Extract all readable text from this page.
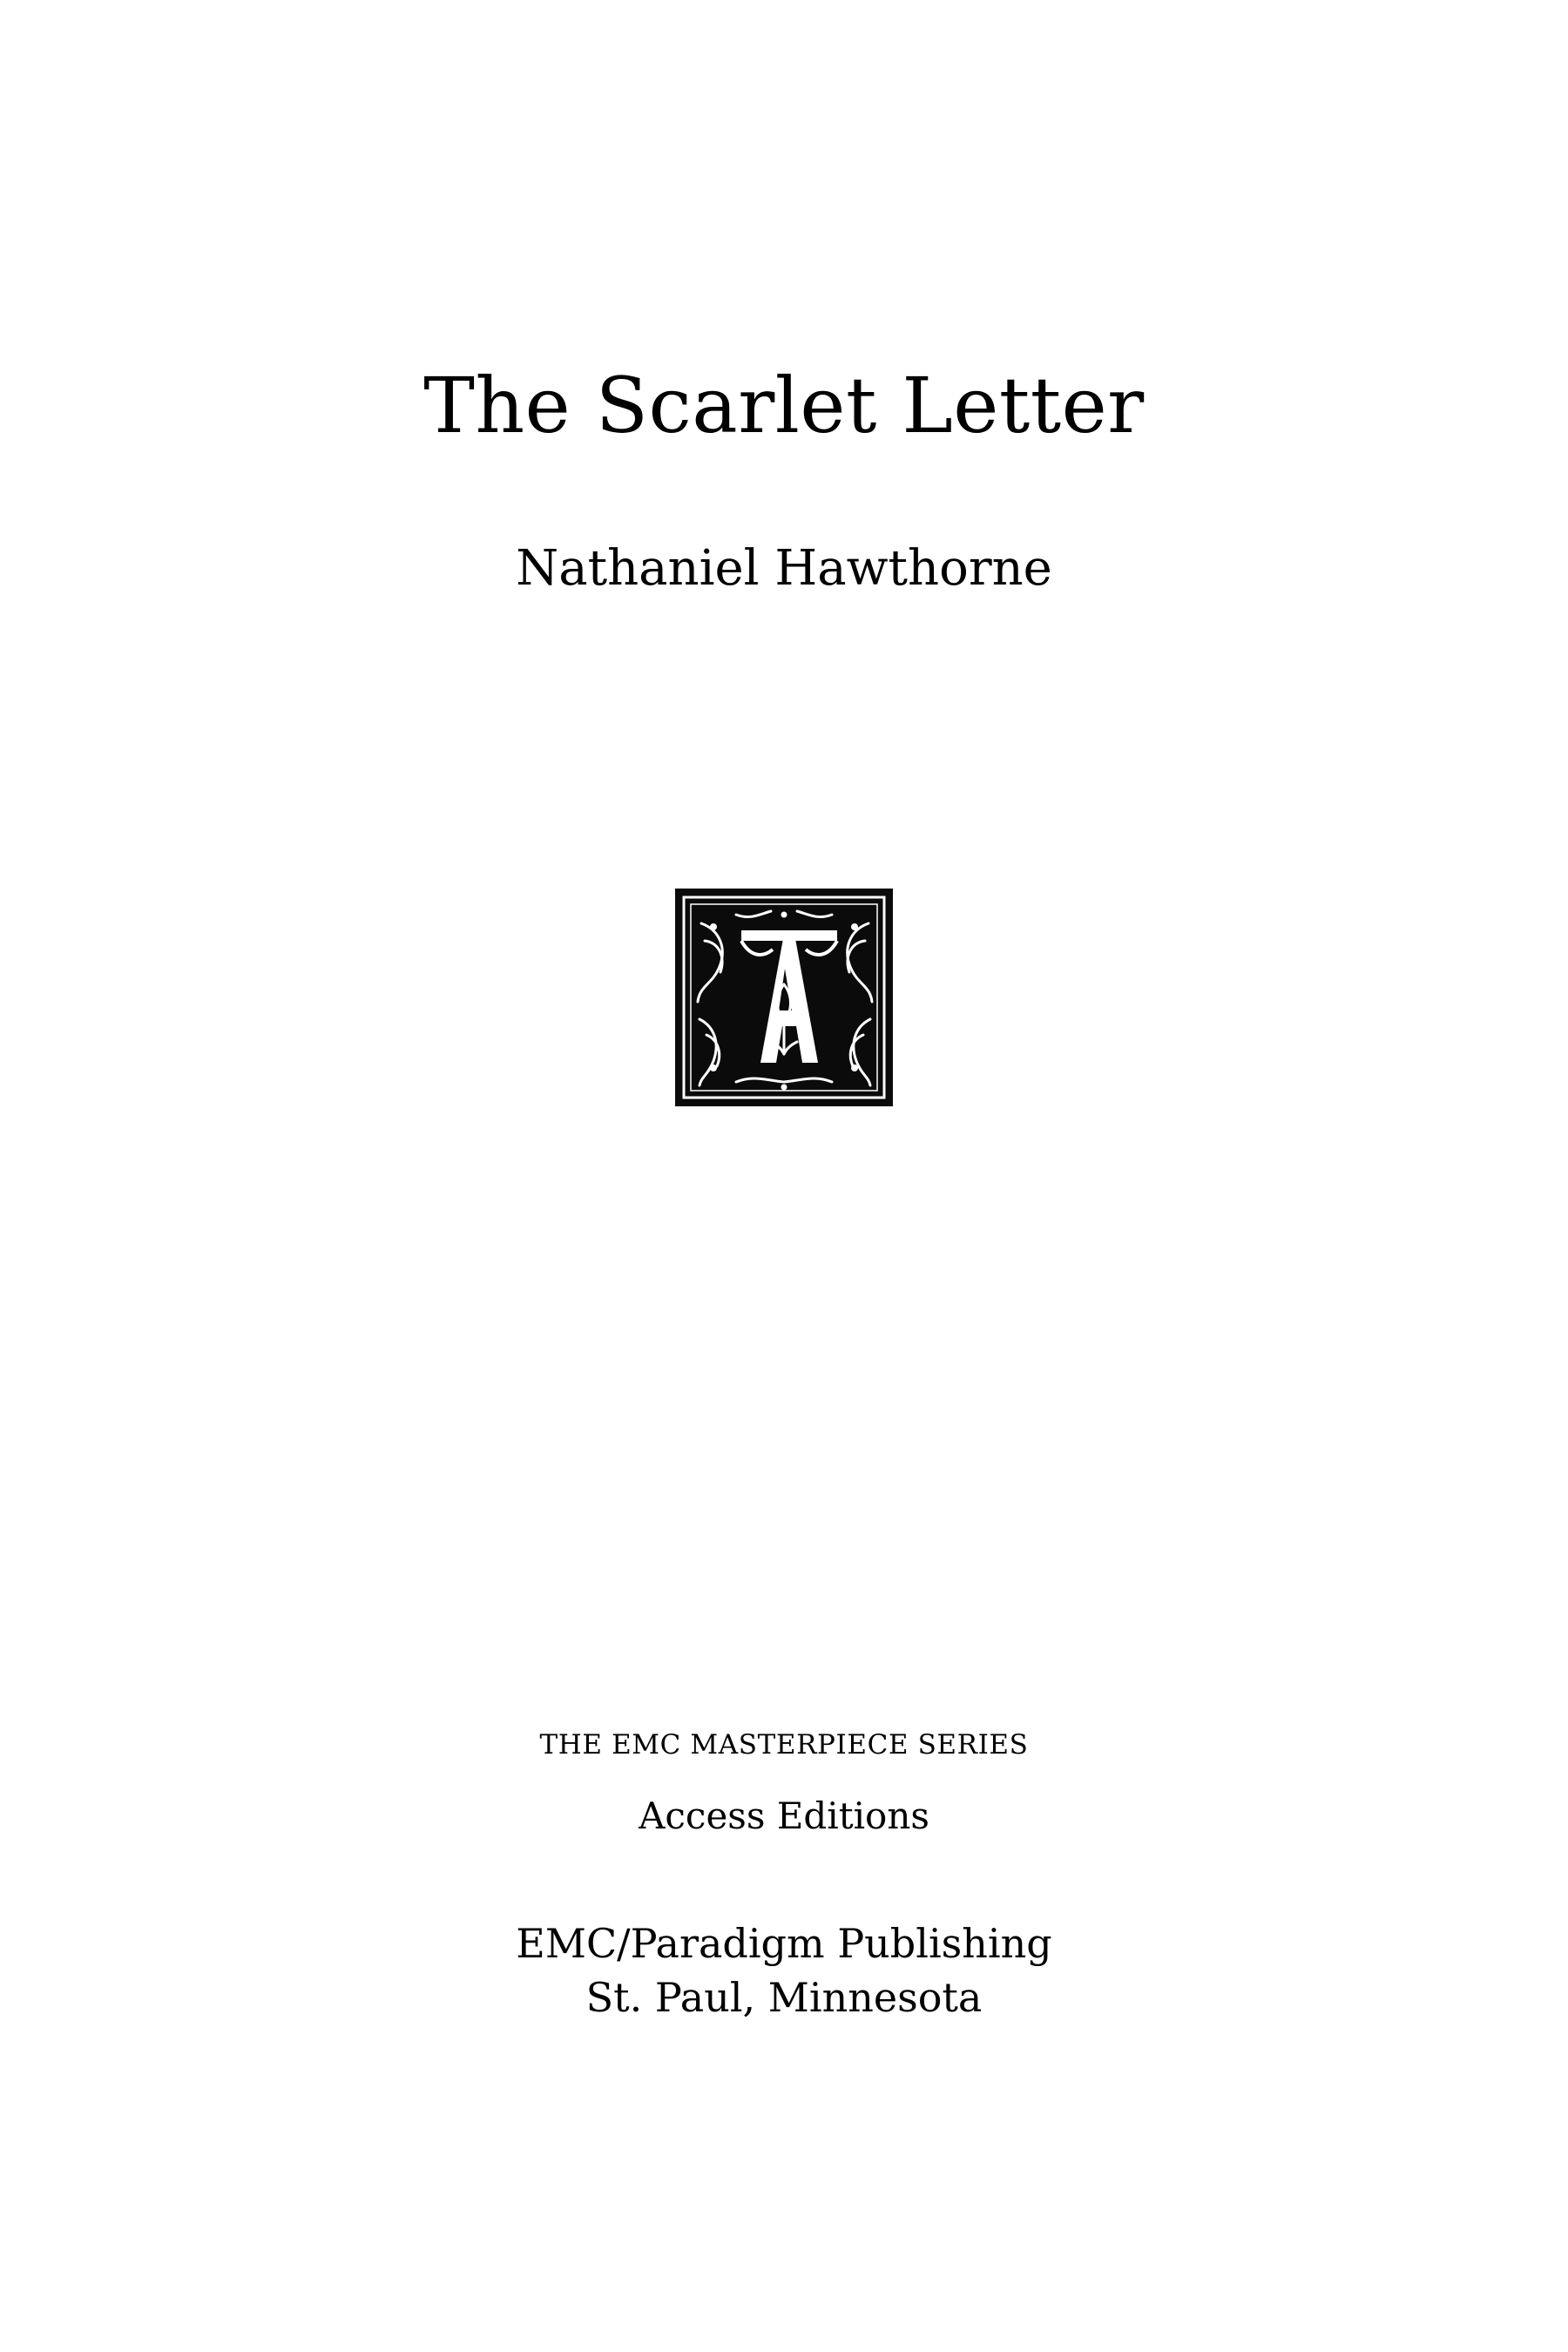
The Scarlet Letter
Nathaniel Hawthorne
THE EMC MASTERPIECE SERIES
Access Editions
EMC/Paradigm Publishing
St. Paul, Minnesota
